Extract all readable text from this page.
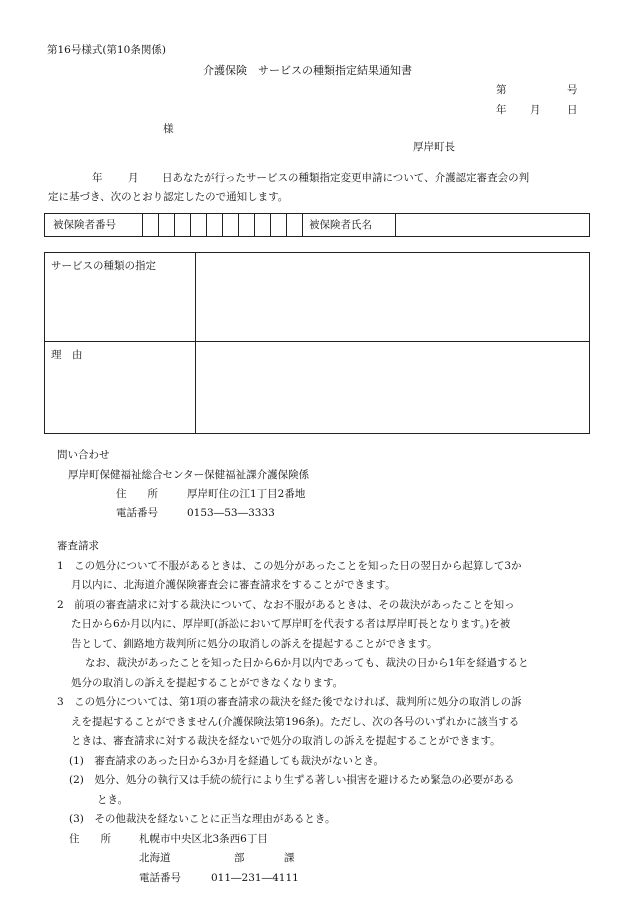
第16号様式(第10条関係)
介護保険　サービスの種類指定結果通知書
第	号
年 月	日
様
厚岸町長
年 月 日あなたが行ったサービスの種類指定変更申請について、介護認定審査会の判
定に基づき、次のとおり認定したので通知します。
被保険者番号											被保険者氏名	
サービスの種類の指定	
理　由	
問い合わせ
厚岸町保健福祉総合センター保健福祉課介護保険係
住　　所	厚岸町住の江1丁目2番地
電話番号	0153―53―3333
審査請求
1　この処分について不服があるときは、この処分があったことを知った日の翌日から起算して3か
月以内に、北海道介護保険審査会に審査請求をすることができます。
2　前項の審査請求に対する裁決について、なお不服があるときは、その裁決があったことを知っ
た日から6か月以内に、厚岸町(訴訟において厚岸町を代表する者は厚岸町長となります。)を被
告として、釧路地方裁判所に処分の取消しの訴えを提起することができます。
なお、裁決があったことを知った日から6か月以内であっても、裁決の日から1年を経過すると
処分の取消しの訴えを提起することができなくなります。
3　この処分については、第1項の審査請求の裁決を経た後でなければ、裁判所に処分の取消しの訴
えを提起することができません(介護保険法第196条)。ただし、次の各号のいずれかに該当する
ときは、審査請求に対する裁決を経ないで処分の取消しの訴えを提起することができます。
(1)　審査請求のあった日から3か月を経過しても裁決がないとき。
(2)　処分、処分の執行又は手続の続行により生ずる著しい損害を避けるため緊急の必要がある
とき。
(3)　その他裁決を経ないことに正当な理由があるとき。
住　　所	札幌市中央区北3条西6丁目
北海道	部	課
電話番号	011―231―4111
